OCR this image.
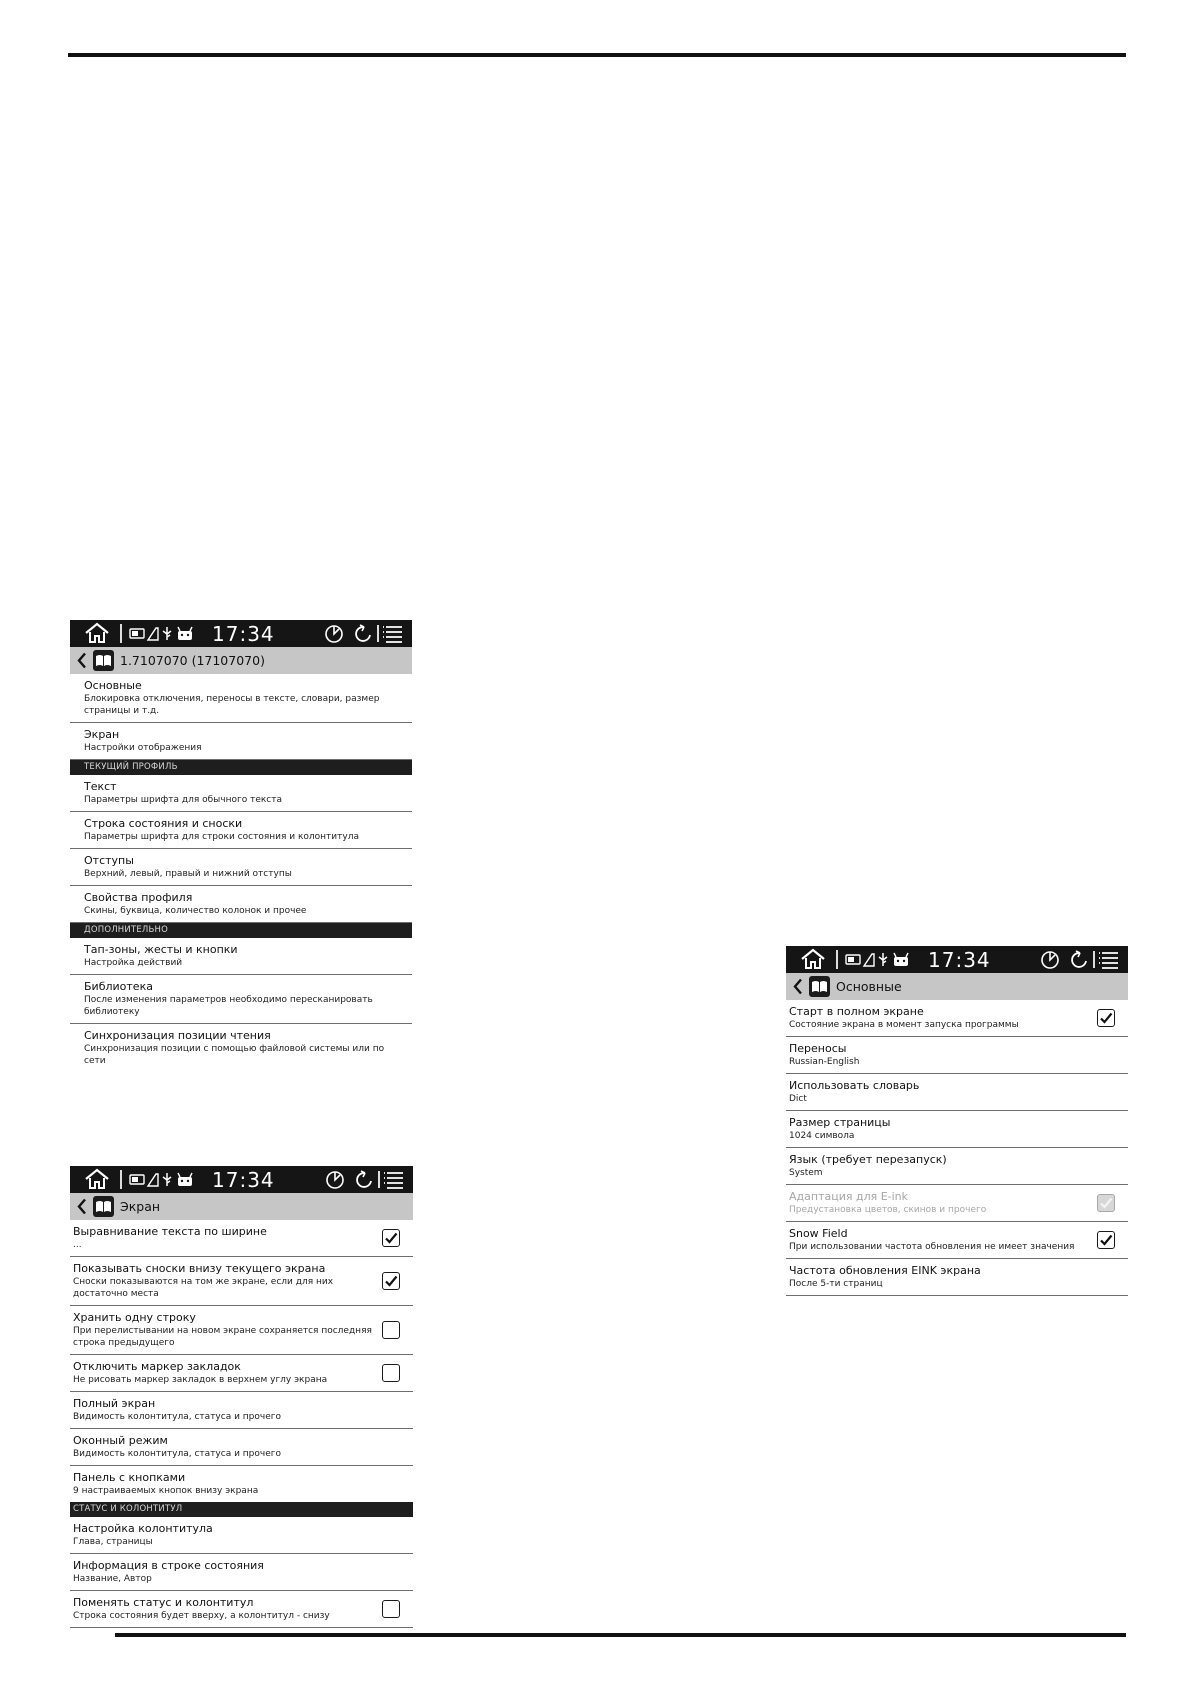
17:34
1.7107070 (17107070)
Основные
Блокировка отключения, переносы в тексте, словари, размер страницы и т.д.
Экран
Настройки отображения
ТЕКУЩИЙ ПРОФИЛЬ
Текст
Параметры шрифта для обычного текста
Строка состояния и сноски
Параметры шрифта для строки состояния и колонтитула
Отступы
Верхний, левый, правый и нижний отступы
Свойства профиля
Скины, буквица, количество колонок и прочее
ДОПОЛНИТЕЛЬНО
Тап-зоны, жесты и кнопки
Настройка действий
Библиотека
После изменения параметров необходимо пересканировать библиотеку
Синхронизация позиции чтения
Синхронизация позиции с помощью файловой системы или по сети
17:34
Экран
Выравнивание текста по ширине
...
Показывать сноски внизу текущего экрана
Сноски показываются на том же экране, если для них достаточно места
Хранить одну строку
При перелистывании на новом экране сохраняется последняя строка предыдущего
Отключить маркер закладок
Не рисовать маркер закладок в верхнем углу экрана
Полный экран
Видимость колонтитула, статуса и прочего
Оконный режим
Видимость колонтитула, статуса и прочего
Панель с кнопками
9 настраиваемых кнопок внизу экрана
СТАТУС И КОЛОНТИТУЛ
Настройка колонтитула
Глава, страницы
Информация в строке состояния
Название, Автор
Поменять статус и колонтитул
Строка состояния будет вверху, а колонтитул - снизу
17:34
Основные
Старт в полном экране
Состояние экрана в момент запуска программы
Переносы
Russian-English
Использовать словарь
Dict
Размер страницы
1024 символа
Язык (требует перезапуск)
System
Адаптация для E-ink
Предустановка цветов, скинов и прочего
Snow Field
При использовании частота обновления не имеет значения
Частота обновления EINK экрана
После 5-ти страниц
